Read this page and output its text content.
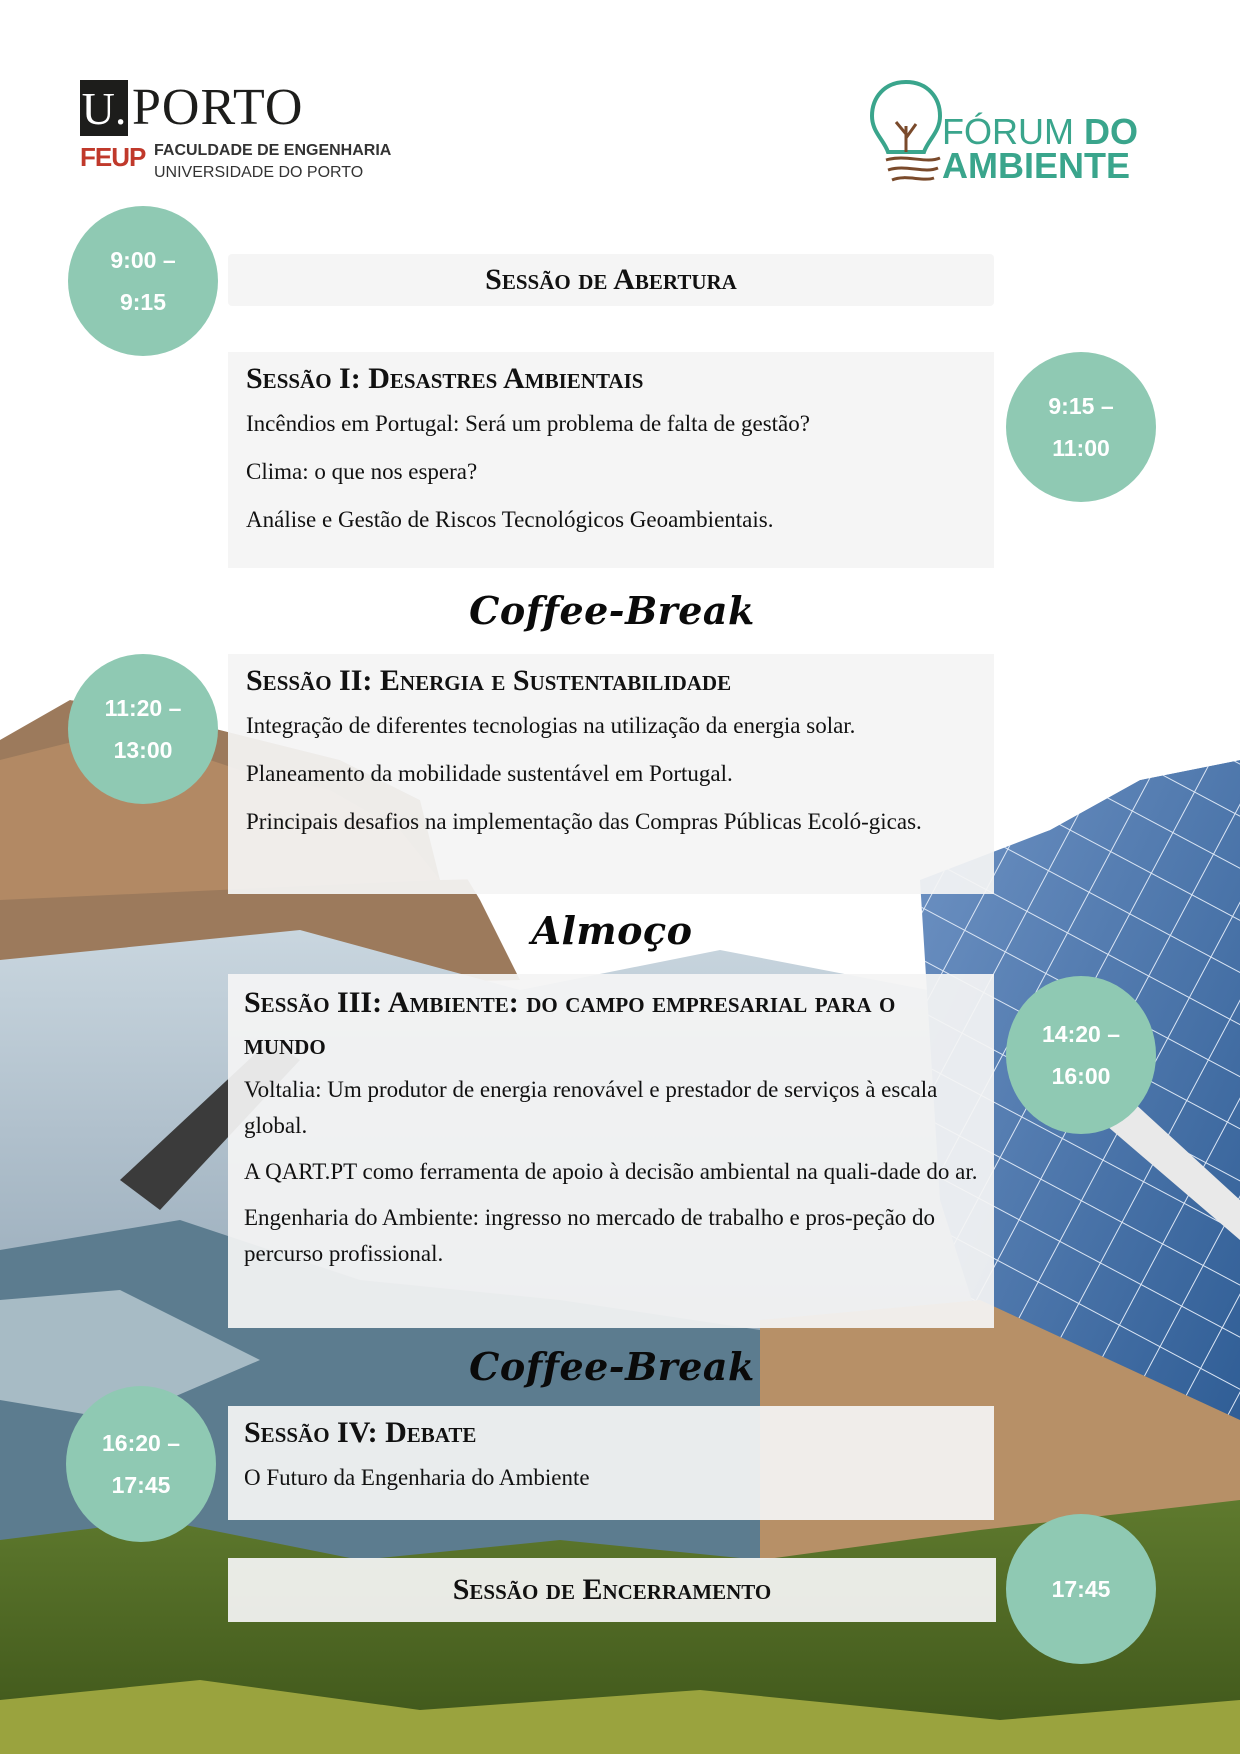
U. PORTO
FEUP FACULDADE DE ENGENHARIA
UNIVERSIDADE DO PORTO
FÓRUM DO
AMBIENTE
9:00 –
9:15
Sessão de Abertura
Sessão I: Desastres Ambientais

Incêndios em Portugal: Será um problema de falta de gestão?

Clima: o que nos espera?

Análise e Gestão de Riscos Tecnológicos Geoambientais.

9:15 –
11:00
Coffee-Break
11:20 –
13:00
Sessão II: Energia e Sustentabilidade

Integração de diferentes tecnologias na utilização da energia solar.

Planeamento da mobilidade sustentável em Portugal.

Principais desafios na implementação das Compras Públicas Ecoló-gicas.

Almoço
Sessão III: Ambiente: do campo empresarial para o mundo

Voltalia: Um produtor de energia renovável e prestador de serviços à escala global.

A QART.PT como ferramenta de apoio à decisão ambiental na quali-dade do ar.

Engenharia do Ambiente: ingresso no mercado de trabalho e pros-peção do percurso profissional.

14:20 –
16:00
Coffee-Break
16:20 –
17:45
Sessão IV: Debate

O Futuro da Engenharia do Ambiente

Sessão de Encerramento	17:45
